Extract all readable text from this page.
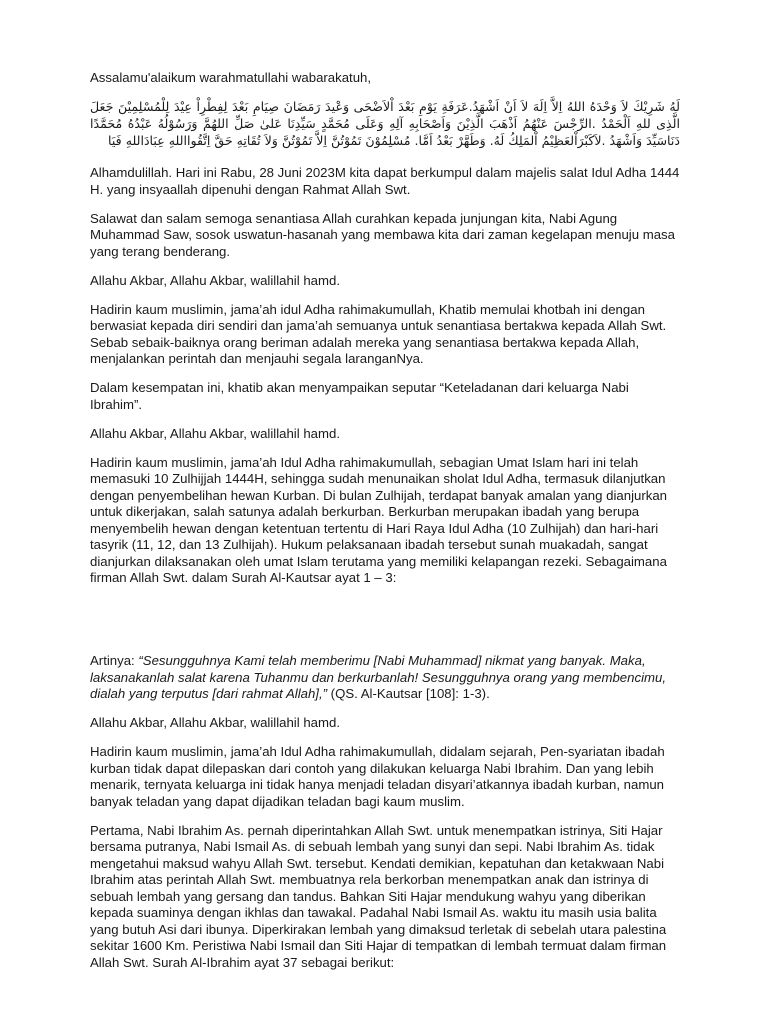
Assalamu'alaikum warahmatullahi wabarakatuh,

لَهُ شَرِيْكَ لاَ وَحْدَهُ اللهُ اِلاَّ اِلَهَ لاَ اَنْ اَشْهَدُ.عَرَفَةِ يَوْمِ بَعْدَ اْلاَضْحَى وَعْيدَ رَمَضَانَ صِيَامِ بَعْدَ لِفِطْرِاْ عِيْدَ لِلْمُسْلِمِيْنَ جَعَلَ الَّذِى للهِ اَلْحَمْدُ .الرِّجْسَ عَنْهُمُ اَذْهَبَ الَّذِيْنَ وَاَصْحَابِهِ آلِهِ وَعَلَى مُحَمَّدٍ سَيِّدِنَا عَلىٰ صَلِّ اللهُمَّ وَرَسُوْلُهُ عَبْدُهُ مُحَمَّدًا دَنَاسَيِّدَ وَاَشْهَدُ .لاَكَبْرَاْلعَظِيْمُ اْلمَلِكُ لَهُ. وَطَهَّرْ بَعْدُ اَمَّا. مُسْلِمُوْنَ تَمُوْتُنَّ اِلاَّ تَمُوْتُنَّ وَلاَ تُقَاتِهِ حَقَّ اِتَّقُوااللهِ عِبَادَاللهِ فَيَا

Alhamdulillah. Hari ini Rabu, 28 Juni 2023M kita dapat berkumpul dalam majelis salat Idul Adha 1444 H. yang insyaallah dipenuhi dengan Rahmat Allah Swt.

Salawat dan salam semoga senantiasa Allah curahkan kepada junjungan kita, Nabi Agung Muhammad Saw, sosok uswatun-hasanah yang membawa kita dari zaman kegelapan menuju masa yang terang benderang.

Allahu Akbar, Allahu Akbar, walillahil hamd.

Hadirin kaum muslimin, jama’ah idul Adha rahimakumullah, Khatib memulai khotbah ini dengan berwasiat kepada diri sendiri dan jama’ah semuanya untuk senantiasa bertakwa kepada Allah Swt. Sebab sebaik-baiknya orang beriman adalah mereka yang senantiasa bertakwa kepada Allah, menjalankan perintah dan menjauhi segala laranganNya.

Dalam kesempatan ini, khatib akan menyampaikan seputar “Keteladanan dari keluarga Nabi Ibrahim”.

Allahu Akbar, Allahu Akbar, walillahil hamd.

Hadirin kaum muslimin, jama’ah Idul Adha rahimakumullah, sebagian Umat Islam hari ini telah memasuki 10 Zulhijjah 1444H, sehingga sudah menunaikan sholat Idul Adha, termasuk dilanjutkan dengan penyembelihan hewan Kurban. Di bulan Zulhijah, terdapat banyak amalan yang dianjurkan untuk dikerjakan, salah satunya adalah berkurban. Berkurban merupakan ibadah yang berupa menyembelih hewan dengan ketentuan tertentu di Hari Raya Idul Adha (10 Zulhijah) dan hari-hari tasyrik (11, 12, dan 13 Zulhijah). Hukum pelaksanaan ibadah tersebut sunah muakadah, sangat dianjurkan dilaksanakan oleh umat Islam terutama yang memiliki kelapangan rezeki. Sebagaimana firman Allah Swt. dalam Surah Al-Kautsar ayat 1 – 3:

Artinya: “Sesungguhnya Kami telah memberimu [Nabi Muhammad] nikmat yang banyak. Maka, laksanakanlah salat karena Tuhanmu dan berkurbanlah! Sesungguhnya orang yang membencimu, dialah yang terputus [dari rahmat Allah],” (QS. Al-Kautsar [108]: 1-3).

Allahu Akbar, Allahu Akbar, walillahil hamd.

Hadirin kaum muslimin, jama’ah Idul Adha rahimakumullah, didalam sejarah, Pen-syariatan ibadah kurban tidak dapat dilepaskan dari contoh yang dilakukan keluarga Nabi Ibrahim. Dan yang lebih menarik, ternyata keluarga ini tidak hanya menjadi teladan disyari’atkannya ibadah kurban, namun banyak teladan yang dapat dijadikan teladan bagi kaum muslim.

Pertama, Nabi Ibrahim As. pernah diperintahkan Allah Swt. untuk menempatkan istrinya, Siti Hajar bersama putranya, Nabi Ismail As. di sebuah lembah yang sunyi dan sepi. Nabi Ibrahim As. tidak mengetahui maksud wahyu Allah Swt. tersebut. Kendati demikian, kepatuhan dan ketakwaan Nabi Ibrahim atas perintah Allah Swt. membuatnya rela berkorban menempatkan anak dan istrinya di sebuah lembah yang gersang dan tandus. Bahkan Siti Hajar mendukung wahyu yang diberikan kepada suaminya dengan ikhlas dan tawakal. Padahal Nabi Ismail As. waktu itu masih usia balita yang butuh Asi dari ibunya. Diperkirakan lembah yang dimaksud terletak di sebelah utara palestina sekitar 1600 Km. Peristiwa Nabi Ismail dan Siti Hajar di tempatkan di lembah termuat dalam firman Allah Swt. Surah Al-Ibrahim ayat 37 sebagai berikut:
